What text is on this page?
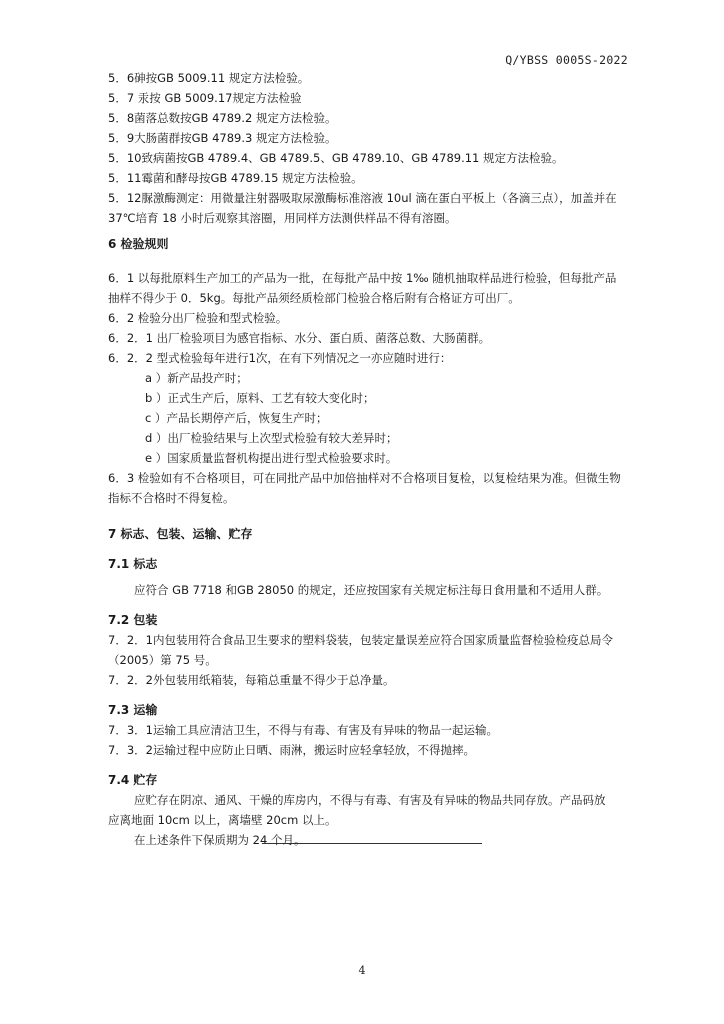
Q/YBSS 0005S-2022
5．6砷按GB 5009.11 规定方法检验。
5．7 汞按 GB 5009.17规定方法检验
5．8菌落总数按GB 4789.2 规定方法检验。
5．9大肠菌群按GB 4789.3 规定方法检验。
5．10致病菌按GB 4789.4、GB 4789.5、GB 4789.10、GB 4789.11 规定方法检验。
5．11霉菌和酵母按GB 4789.15 规定方法检验。
5．12脲激酶测定：用微量注射器吸取尿激酶标准溶液 10ul 滴在蛋白平板上（各滴三点），加盖并在
37℃培育 18 小时后观察其溶圈，用同样方法测供样品不得有溶圈。
6 检验规则
6．1 以每批原料生产加工的产品为一批，在每批产品中按 1‰ 随机抽取样品进行检验，但每批产品
抽样不得少于 0．5kg。每批产品须经质检部门检验合格后附有合格证方可出厂。
6．2 检验分出厂检验和型式检验。
6．2．1 出厂检验项目为感官指标、水分、蛋白质、菌落总数、大肠菌群。
6．2．2 型式检验每年进行1次，在有下列情况之一亦应随时进行：
a ）新产品投产时；
b ）正式生产后，原料、工艺有较大变化时；
c ）产品长期停产后，恢复生产时；
d ）出厂检验结果与上次型式检验有较大差异时；
e ）国家质量监督机构提出进行型式检验要求时。
6．3 检验如有不合格项目，可在同批产品中加倍抽样对不合格项目复检，以复检结果为准。但微生物
指标不合格时不得复检。
7 标志、包装、运输、贮存
7.1 标志
应符合 GB 7718 和GB 28050 的规定，还应按国家有关规定标注每日食用量和不适用人群。
7.2 包装
7．2．1内包装用符合食品卫生要求的塑料袋装，包装定量误差应符合国家质量监督检验检疫总局令
（2005）第 75 号。
7．2．2外包装用纸箱装，每箱总重量不得少于总净量。
7.3 运输
7．3．1运输工具应清洁卫生，不得与有毒、有害及有异味的物品一起运输。
7．3．2运输过程中应防止日晒、雨淋，搬运时应轻拿轻放，不得抛摔。
7.4 贮存
应贮存在阴凉、通风、干燥的库房内，不得与有毒、有害及有异味的物品共同存放。产品码放
应离地面 10cm 以上，离墙壁 20cm 以上。
在上述条件下保质期为 24 个月。
4
